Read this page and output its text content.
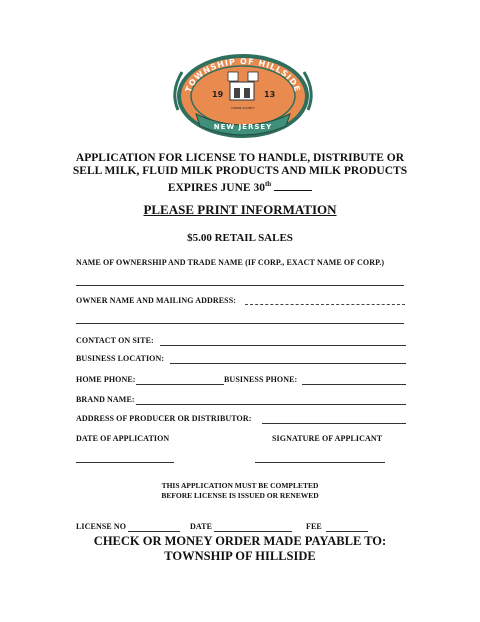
TOWNSHIP OF HILLSIDE
19	13
UNION COUNTY
NEW JERSEY
APPLICATION FOR LICENSE TO HANDLE, DISTRIBUTE OR
SELL MILK, FLUID MILK PRODUCTS AND MILK PRODUCTS
EXPIRES JUNE 30th
PLEASE PRINT INFORMATION
$5.00 RETAIL SALES
NAME OF OWNERSHIP AND TRADE NAME (IF CORP., EXACT NAME OF CORP.)
OWNER NAME AND MAILING ADDRESS:
CONTACT ON SITE:
BUSINESS LOCATION:
HOME PHONE:	BUSINESS PHONE:
BRAND NAME:
ADDRESS OF PRODUCER OR DISTRIBUTOR:
DATE OF APPLICATION	SIGNATURE OF APPLICANT
THIS APPLICATION MUST BE COMPLETED
BEFORE LICENSE IS ISSUED OR RENEWED
LICENSE NO	DATE	FEE
CHECK OR MONEY ORDER MADE PAYABLE TO:
TOWNSHIP OF HILLSIDE
